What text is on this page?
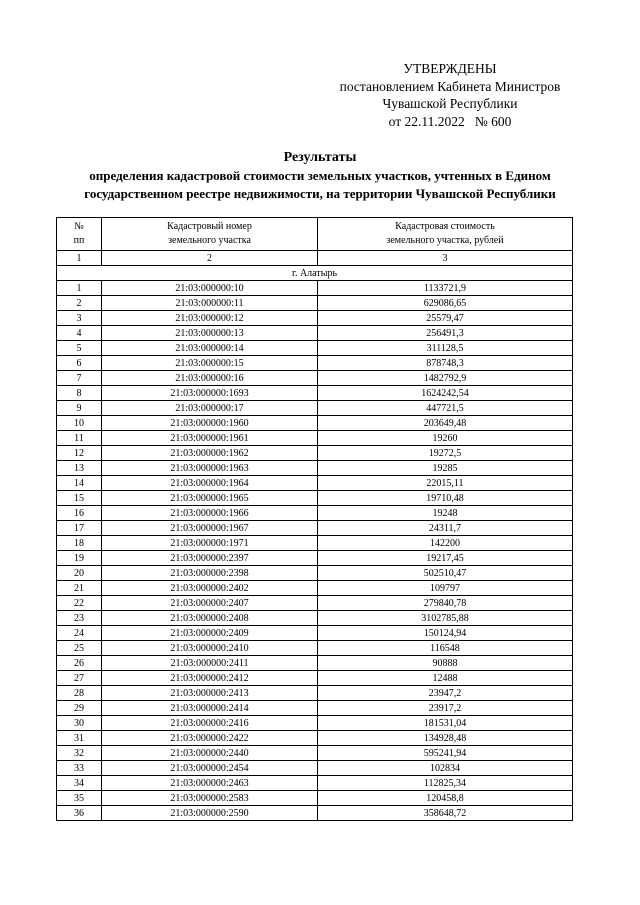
УТВЕРЖДЕНЫ
постановлением Кабинета Министров
Чувашской Республики
от 22.11.2022   № 600
Результаты
определения кадастровой стоимости земельных участков, учтенных в Едином
государственном реестре недвижимости, на территории Чувашской Республики
№
пп	Кадастровый номер
земельного участка	Кадастровая стоимость
земельного участка, рублей

1	2	3
г. Алатырь		
1	21:03:000000:10	1133721,9
2	21:03:000000:11	629086,65
3	21:03:000000:12	25579,47
4	21:03:000000:13	256491,3
5	21:03:000000:14	311128,5
6	21:03:000000:15	878748,3
7	21:03:000000:16	1482792,9
8	21:03:000000:1693	1624242,54
9	21:03:000000:17	447721,5
10	21:03:000000:1960	203649,48
11	21:03:000000:1961	19260
12	21:03:000000:1962	19272,5
13	21:03:000000:1963	19285
14	21:03:000000:1964	22015,11
15	21:03:000000:1965	19710,48
16	21:03:000000:1966	19248
17	21:03:000000:1967	24311,7
18	21:03:000000:1971	142200
19	21:03:000000:2397	19217,45
20	21:03:000000:2398	502510,47
21	21:03:000000:2402	109797
22	21:03:000000:2407	279840,78
23	21:03:000000:2408	3102785,88
24	21:03:000000:2409	150124,94
25	21:03:000000:2410	116548
26	21:03:000000:2411	90888
27	21:03:000000:2412	12488
28	21:03:000000:2413	23947,2
29	21:03:000000:2414	23917,2
30	21:03:000000:2416	181531,04
31	21:03:000000:2422	134928,48
32	21:03:000000:2440	595241,94
33	21:03:000000:2454	102834
34	21:03:000000:2463	112825,34
35	21:03:000000:2583	120458,8
36	21:03:000000:2590	358648,72
